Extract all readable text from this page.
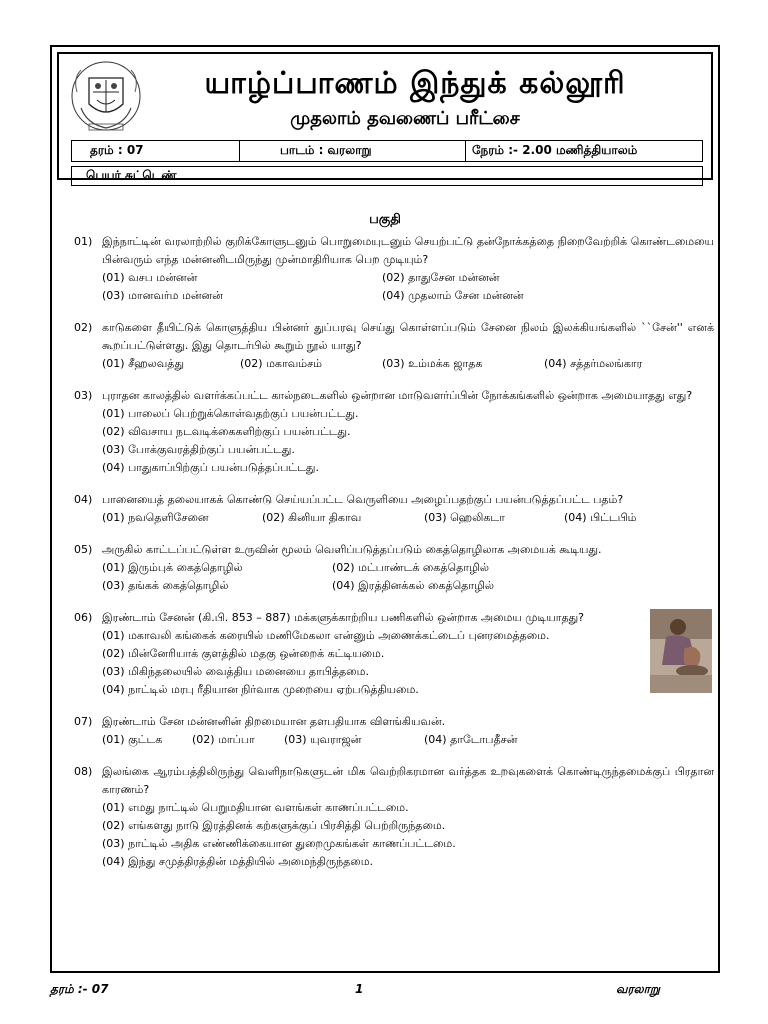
யாழ்ப்பாணம் இந்துக் கல்லூரி
முதலாம் தவணைப் பரீட்சை
தரம் : 07	பாடம் : வரலாறு	நேரம் :- 2.00 மணித்தியாலம்
பெயர் சுட்டெண்
பகுதி
01) இந்நாட்டின் வரலாற்றில் குறிக்கோளுடனும் பொறுமையுடனும் செயற்பட்டு தன்நோக்கத்தை நிறைவேற்றிக் கொண்டமையை பின்வரும் எந்த மன்னனிடமிருந்து முன்மாதிரியாக பெற முடியும்?
(01) வசப மன்னன்	(02) தாதுசேன மன்னன்
(03) மானவர்ம மன்னன்	(04) முதலாம் சேன மன்னன்
02) காடுகளை தீயிட்டுக் கொளுத்திய பின்னர் துப்பரவு செய்து கொள்ளப்படும் சேனை நிலம் இலக்கியங்களில் ``சேன்'' எனக் கூறப்பட்டுள்ளது. இது தொடர்பில் கூறும் நூல் யாது?
(01) சீஹலவத்து	(02) மகாவம்சம்	(03) உம்மக்க ஜாதக	(04) சத்தர்மலங்கார
03) புராதன காலத்தில் வளர்க்கப்பட்ட கால்நடைகளில் ஒன்றான மாடுவளர்ப்பின் நோக்கங்களில் ஒன்றாக அமையாதது எது?
(01) பாலைப் பெற்றுக்கொள்வதற்குப் பயன்பட்டது.
(02) விவசாய நடவடிக்கைகளிற்குப் பயன்பட்டது.
(03) போக்குவரத்திற்குப் பயன்பட்டது.
(04) பாதுகாப்பிற்குப் பயன்படுத்தப்பட்டது.
04) பானையைத் தலையாகக் கொண்டு செய்யப்பட்ட வெருளியை அழைப்பதற்குப் பயன்படுத்தப்பட்ட பதம்?
(01) நவதெளிசேனை	(02) கினியா திகாவ	(03) ஹெலிகடா	(04) பிட்டபிம்
05) அருகில் காட்டப்பட்டுள்ள உருவின் மூலம் வெளிப்படுத்தப்படும் கைத்தொழிலாக அமையக் கூடியது.
(01) இரும்புக் கைத்தொழில்	(02) மட்பாண்டக் கைத்தொழில்
(03) தங்கக் கைத்தொழில்	(04) இரத்தினக்கல் கைத்தொழில்
06) இரண்டாம் சேனன் (கி.பி. 853 – 887) மக்களுக்காற்றிய பணிகளில் ஒன்றாக அமைய முடியாதது?
(01) மகாவலி கங்கைக் கரையில் மணிமேகலா என்னும் அணைக்கட்டைப் புனரமைத்தமை.
(02) மின்னேரியாக் குளத்தில் மதகு ஒன்றைக் கட்டியமை.
(03) மிகிந்தலையில் வைத்திய மனையை தாபித்தமை.
(04) நாட்டில் மரபு ரீதியான நிர்வாக முறையை ஏற்படுத்தியமை.
07) இரண்டாம் சேன மன்னனின் திறமையான தளபதியாக விளங்கியவன்.
(01) குட்டக	(02) மாப்பா	(03) யுவராஜன்	(04) தாடோபதீசன்
08) இலங்கை ஆரம்பத்திலிருந்து வெளிநாடுகளுடன் மிக வெற்றிகரமான வர்த்தக உறவுகளைக் கொண்டிருந்தமைக்குப் பிரதான காரணம்?
(01) எமது நாட்டில் பெறுமதியான வளங்கள் காணப்பட்டமை.
(02) எங்களது நாடு இரத்தினக் கற்களுக்குப் பிரசித்தி பெற்றிருந்தமை.
(03) நாட்டில் அதிக எண்ணிக்கையான துறைமுகங்கள் காணப்பட்டமை.
(04) இந்து சமுத்திரத்தின் மத்தியில் அமைந்திருந்தமை.
தரம் :- 07	1	வரலாறு
